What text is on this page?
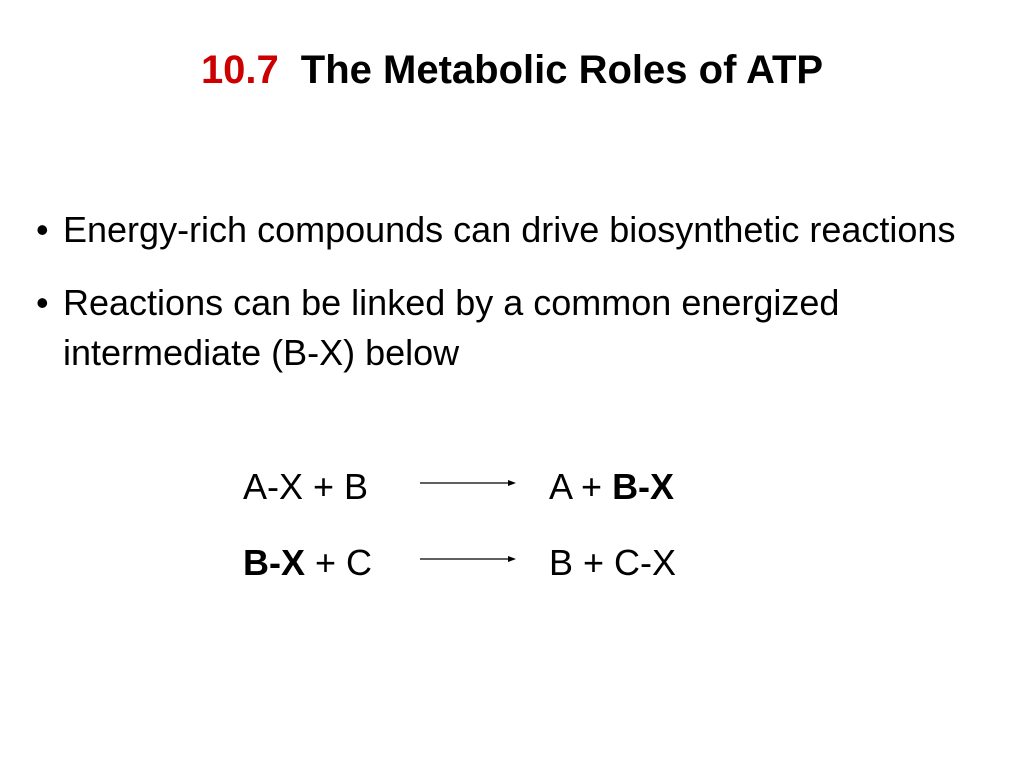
10.7 The Metabolic Roles of ATP
• Energy-rich compounds can drive biosynthetic reactions
• Reactions can be linked by a common energized intermediate (B-X) below
A-X + B → A + B-X
B-X + C → B + C-X
